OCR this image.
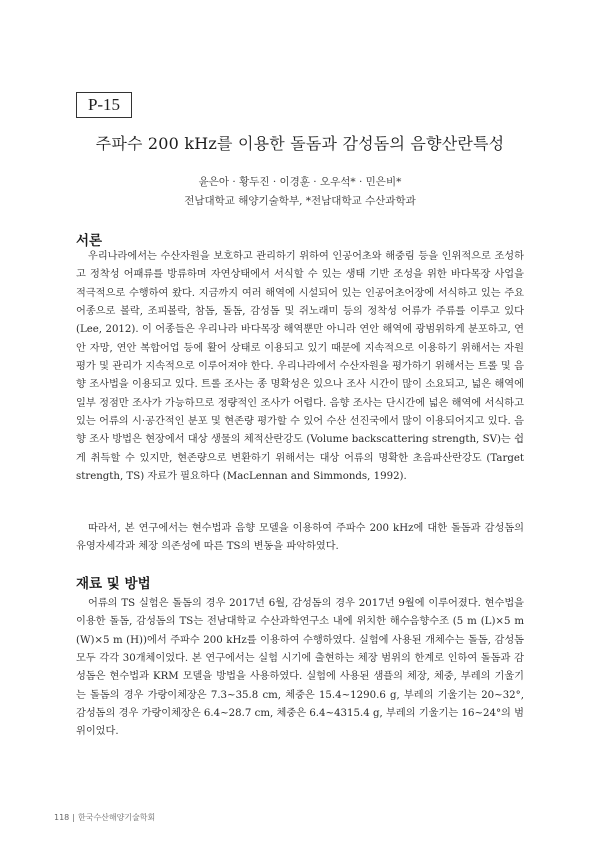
P-15
주파수 200 kHz를 이용한 돌돔과 감성돔의 음향산란특성
윤은아 · 황두진 · 이경훈 · 오우석* · 민은비*
전남대학교 해양기술학부, *전남대학교 수산과학과
서론
우리나라에서는 수산자원을 보호하고 관리하기 위하여 인공어초와 해중림 등을 인위적으로 조성하고 정착성 어패류를 방류하며 자연상태에서 서식할 수 있는 생태 기반 조성을 위한 바다목장 사업을 적극적으로 수행하여 왔다. 지금까지 여러 해역에 시설되어 있는 인공어초어장에 서식하고 있는 주요 어종으로 볼락, 조피볼락, 참돔, 돌돔, 감성돔 및 쥐노래미 등의 정착성 어류가 주류를 이루고 있다 (Lee, 2012). 이 어종들은 우리나라 바다목장 해역뿐만 아니라 연안 해역에 광범위하게 분포하고, 연안 자망, 연안 복합어업 등에 활어 상태로 이용되고 있기 때문에 지속적으로 이용하기 위해서는 자원 평가 및 관리가 지속적으로 이루어져야 한다. 우리나라에서 수산자원을 평가하기 위해서는 트롤 및 음향 조사법을 이용되고 있다. 트롤 조사는 종 명확성은 있으나 조사 시간이 많이 소요되고, 넓은 해역에 일부 정점만 조사가 가능하므로 정량적인 조사가 어렵다. 음향 조사는 단시간에 넓은 해역에 서식하고 있는 어류의 시·공간적인 분포 및 현존량 평가할 수 있어 수산 선진국에서 많이 이용되어지고 있다. 음향 조사 방법은 현장에서 대상 생물의 체적산란강도 (Volume backscattering strength, SV)는 쉽게 취득할 수 있지만, 현존량으로 변환하기 위해서는 대상 어류의 명확한 초음파산란강도 (Target strength, TS) 자료가 필요하다 (MacLennan and Simmonds, 1992).
따라서, 본 연구에서는 현수법과 음향 모델을 이용하여 주파수 200 kHz에 대한 돌돔과 감성돔의 유영자세각과 체장 의존성에 따른 TS의 변동을 파악하였다.
재료 및 방법
어류의 TS 실험은 돌돔의 경우 2017년 6월, 감성돔의 경우 2017년 9월에 이루어졌다. 현수법을 이용한 돌돔, 감성돔의 TS는 전남대학교 수산과학연구소 내에 위치한 해수음향수조 (5 m (L)×5 m (W)×5 m (H))에서 주파수 200 kHz를 이용하여 수행하였다. 실험에 사용된 개체수는 돌돔, 감성돔 모두 각각 30개체이었다. 본 연구에서는 실험 시기에 출현하는 체장 범위의 한계로 인하여 돌돔과 감성돔은 현수법과 KRM 모델을 방법을 사용하였다. 실험에 사용된 샘플의 체장, 체중, 부레의 기울기는 돌돔의 경우 가랑이체장은 7.3~35.8 cm, 체중은 15.4~1290.6 g, 부레의 기울기는 20~32°, 감성돔의 경우 가랑이체장은 6.4~28.7 cm, 체중은 6.4~4315.4 g, 부레의 기울기는 16~24°의 범위이었다.
118 | 한국수산해양기술학회
